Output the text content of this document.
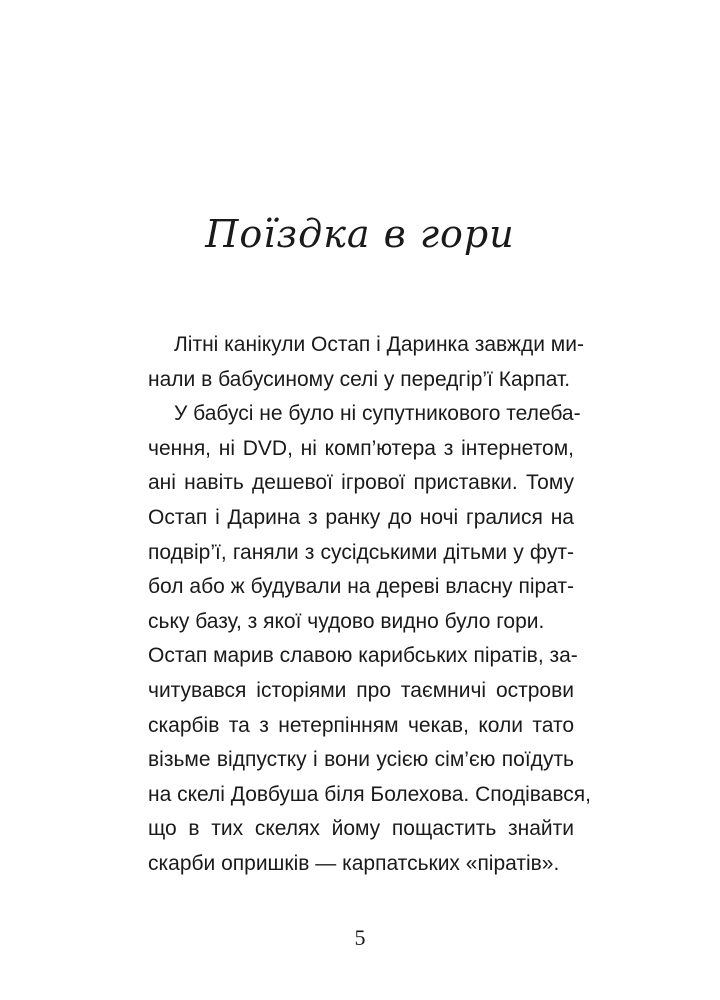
Поїздка в гори
Літні канікули Остап і Даринка завжди ми-
нали в бабусиному селі у передгір’ї Карпат.
У бабусі не було ні супутникового телеба-
чення, ні DVD, ні комп’ютера з інтернетом,
ані навіть дешевої ігрової приставки. Тому
Остап і Дарина з ранку до ночі гралися на
подвір’ї, ганяли з сусідськими дітьми у фут-
бол або ж будували на дереві власну пірат-
ську базу, з якої чудово видно було гори.
Остап марив славою карибських піратів, за-
читувався історіями про таємничі острови
скарбів та з нетерпінням чекав, коли тато
візьме відпустку і вони усією сім’єю поїдуть
на скелі Довбуша біля Болехова. Сподівався,
що в тих скелях йому пощастить знайти
скарби опришків — карпатських «піратів».
5
